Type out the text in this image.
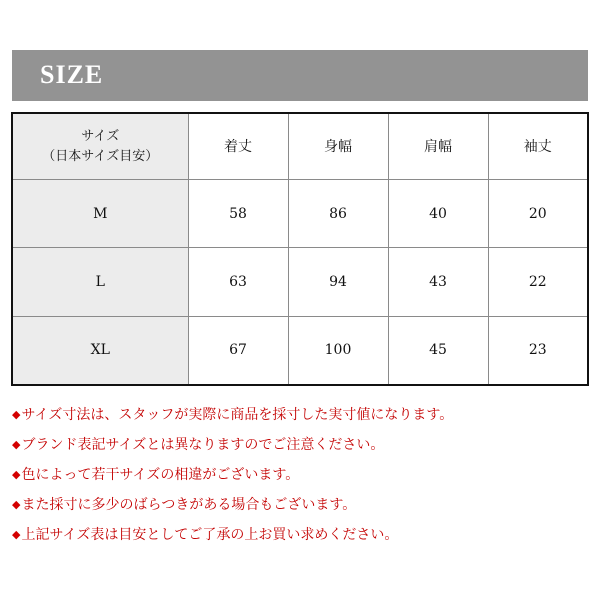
SIZE
サイズ
（日本サイズ目安）	着丈	身幅	肩幅	袖丈
M	58	86	40	20
L	63	94	43	22
XL	67	100	45	23
◆サイズ寸法は、スタッフが実際に商品を採寸した実寸値になります。
◆ブランド表記サイズとは異なりますのでご注意ください。
◆色によって若干サイズの相違がございます。
◆また採寸に多少のばらつきがある場合もございます。
◆上記サイズ表は目安としてご了承の上お買い求めください。
